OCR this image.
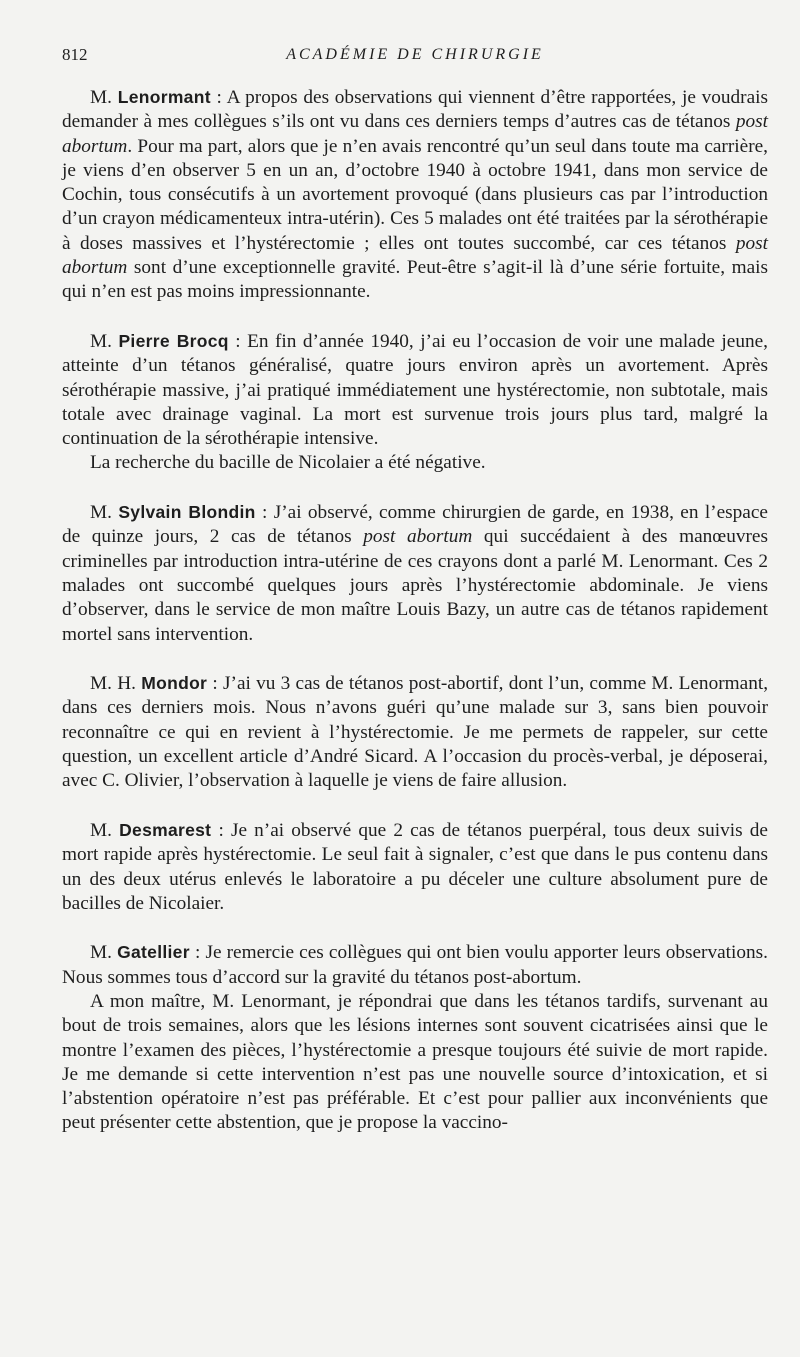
812	ACADÉMIE DE CHIRURGIE

M. Lenormant : A propos des observations qui viennent d’être rapportées, je voudrais demander à mes collègues s’ils ont vu dans ces derniers temps d’autres cas de tétanos post abortum. Pour ma part, alors que je n’en avais rencontré qu’un seul dans toute ma carrière, je viens d’en observer 5 en un an, d’octobre 1940 à octobre 1941, dans mon service de Cochin, tous consécutifs à un avortement provoqué (dans plusieurs cas par l’introduction d’un crayon médicamenteux intra-utérin). Ces 5 malades ont été traitées par la sérothérapie à doses massives et l’hystérectomie ; elles ont toutes succombé, car ces tétanos post abortum sont d’une exceptionnelle gravité. Peut-être s’agit-il là d’une série fortuite, mais qui n’en est pas moins impressionnante.

M. Pierre Brocq : En fin d’année 1940, j’ai eu l’occasion de voir une malade jeune, atteinte d’un tétanos généralisé, quatre jours environ après un avortement. Après sérothérapie massive, j’ai pratiqué immédiatement une hystérectomie, non subtotale, mais totale avec drainage vaginal. La mort est survenue trois jours plus tard, malgré la continuation de la sérothérapie intensive.

La recherche du bacille de Nicolaier a été négative.

M. Sylvain Blondin : J’ai observé, comme chirurgien de garde, en 1938, en l’espace de quinze jours, 2 cas de tétanos post abortum qui succédaient à des manœuvres criminelles par introduction intra-utérine de ces crayons dont a parlé M. Lenormant. Ces 2 malades ont succombé quelques jours après l’hystérectomie abdominale. Je viens d’observer, dans le service de mon maître Louis Bazy, un autre cas de tétanos rapidement mortel sans intervention.

M. H. Mondor : J’ai vu 3 cas de tétanos post-abortif, dont l’un, comme M. Lenormant, dans ces derniers mois. Nous n’avons guéri qu’une malade sur 3, sans bien pouvoir reconnaître ce qui en revient à l’hystérectomie. Je me permets de rappeler, sur cette question, un excellent article d’André Sicard. A l’occasion du procès-verbal, je déposerai, avec C. Olivier, l’observation à laquelle je viens de faire allusion.

M. Desmarest : Je n’ai observé que 2 cas de tétanos puerpéral, tous deux suivis de mort rapide après hystérectomie. Le seul fait à signaler, c’est que dans le pus contenu dans un des deux utérus enlevés le laboratoire a pu déceler une culture absolument pure de bacilles de Nicolaier.

M. Gatellier : Je remercie ces collègues qui ont bien voulu apporter leurs observations. Nous sommes tous d’accord sur la gravité du tétanos post-abortum.

A mon maître, M. Lenormant, je répondrai que dans les tétanos tardifs, survenant au bout de trois semaines, alors que les lésions internes sont souvent cicatrisées ainsi que le montre l’examen des pièces, l’hystérectomie a presque toujours été suivie de mort rapide. Je me demande si cette intervention n’est pas une nouvelle source d’intoxication, et si l’abstention opératoire n’est pas préférable. Et c’est pour pallier aux inconvénients que peut présenter cette abstention, que je propose la vaccino-
